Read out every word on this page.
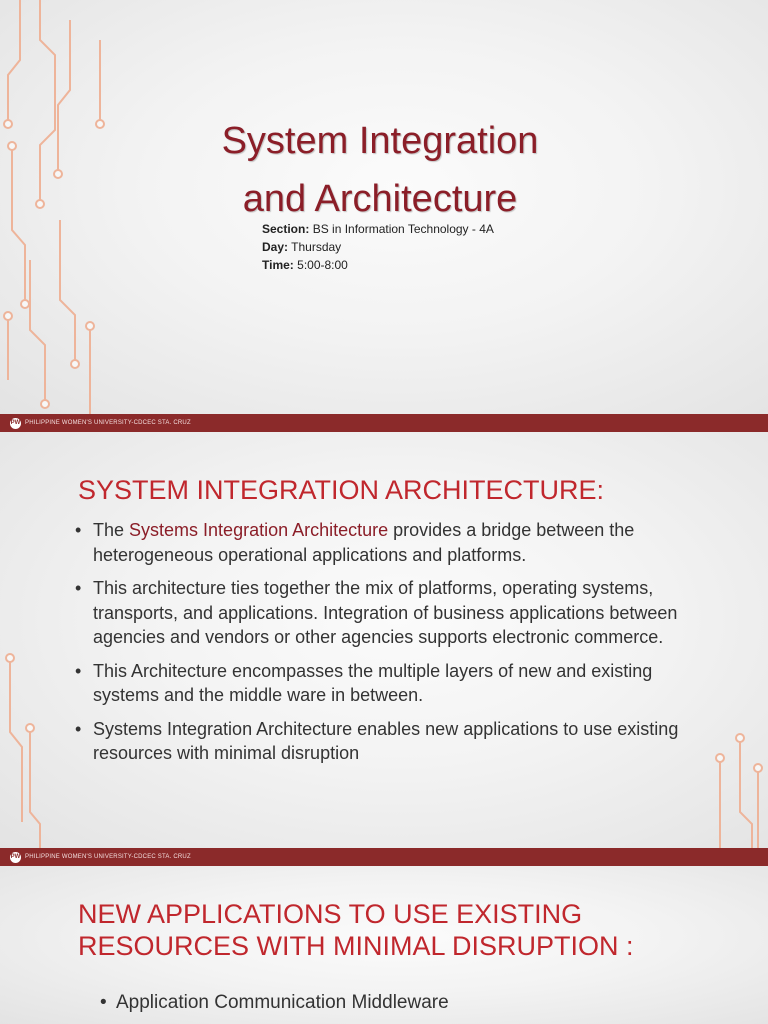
System Integration
and Architecture
Section: BS in Information Technology - 4A
Day: Thursday
Time: 5:00-8:00
PW PHILIPPINE WOMEN'S UNIVERSITY-CDCEC STA. CRUZ
SYSTEM INTEGRATION ARCHITECTURE:
• The Systems Integration Architecture provides a bridge between the heterogeneous operational applications and platforms.
• This architecture ties together the mix of platforms, operating systems, transports, and applications. Integration of business applications between agencies and vendors or other agencies supports electronic commerce.
• This Architecture encompasses the multiple layers of new and existing systems and the middle ware in between.
• Systems Integration Architecture enables new applications to use existing resources with minimal disruption
PW PHILIPPINE WOMEN'S UNIVERSITY-CDCEC STA. CRUZ
NEW APPLICATIONS TO USE EXISTING
RESOURCES WITH MINIMAL DISRUPTION :
• Application Communication Middleware
